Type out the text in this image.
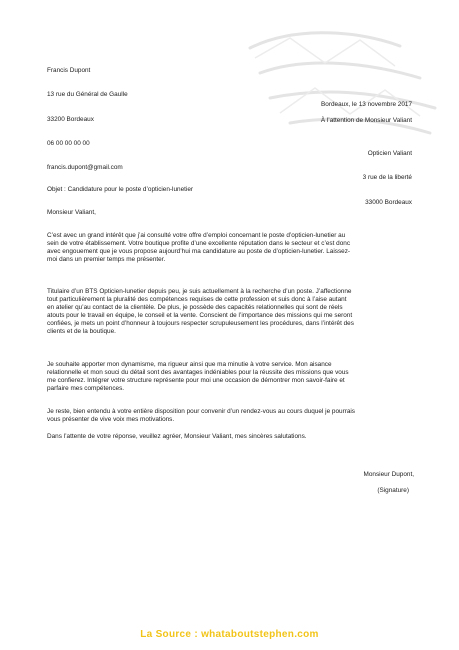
Francis Dupont

13 rue du Général de Gaulle

33200 Bordeaux

06 00 00 00 00

francis.dupont@gmail.com

Bordeaux, le 13 novembre 2017
À l’attention de Monsieur Valiant

Opticien Valiant

3 rue de la liberté

33000 Bordeaux

Objet : Candidature pour le poste d’opticien-lunetier
Monsieur Valiant,
C’est avec un grand intérêt que j’ai consulté votre offre d’emploi concernant le poste d’opticien-lunetier au
sein de votre établissement. Votre boutique profite d’une excellente réputation dans le secteur et c’est donc
avec engouement que je vous propose aujourd’hui ma candidature au poste de d’opticien-lunetier. Laissez-
moi dans un premier temps me présenter.
Titulaire d’un BTS Opticien-lunetier depuis peu, je suis actuellement à la recherche d’un poste. J’affectionne
tout particulièrement la pluralité des compétences requises de cette profession et suis donc à l’aise autant
en atelier qu’au contact de la clientèle. De plus, je possède des capacités relationnelles qui sont de réels
atouts pour le travail en équipe, le conseil et la vente. Conscient de l’importance des missions qui me seront
confiées, je mets un point d’honneur à toujours respecter scrupuleusement les procédures, dans l’intérêt des
clients et de la boutique.
Je souhaite apporter mon dynamisme, ma rigueur ainsi que ma minutie à votre service. Mon aisance
relationnelle et mon souci du détail sont des avantages indéniables pour la réussite des missions que vous
me confierez. Intégrer votre structure représente pour moi une occasion de démontrer mon savoir-faire et
parfaire mes compétences.
Je reste, bien entendu à votre entière disposition pour convenir d’un rendez-vous au cours duquel je pourrais
vous présenter de vive voix mes motivations.
Dans l’attente de votre réponse, veuillez agréer, Monsieur Valiant, mes sincères salutations.
Monsieur Dupont,
(Signature)
La Source : whataboutstephen.com
